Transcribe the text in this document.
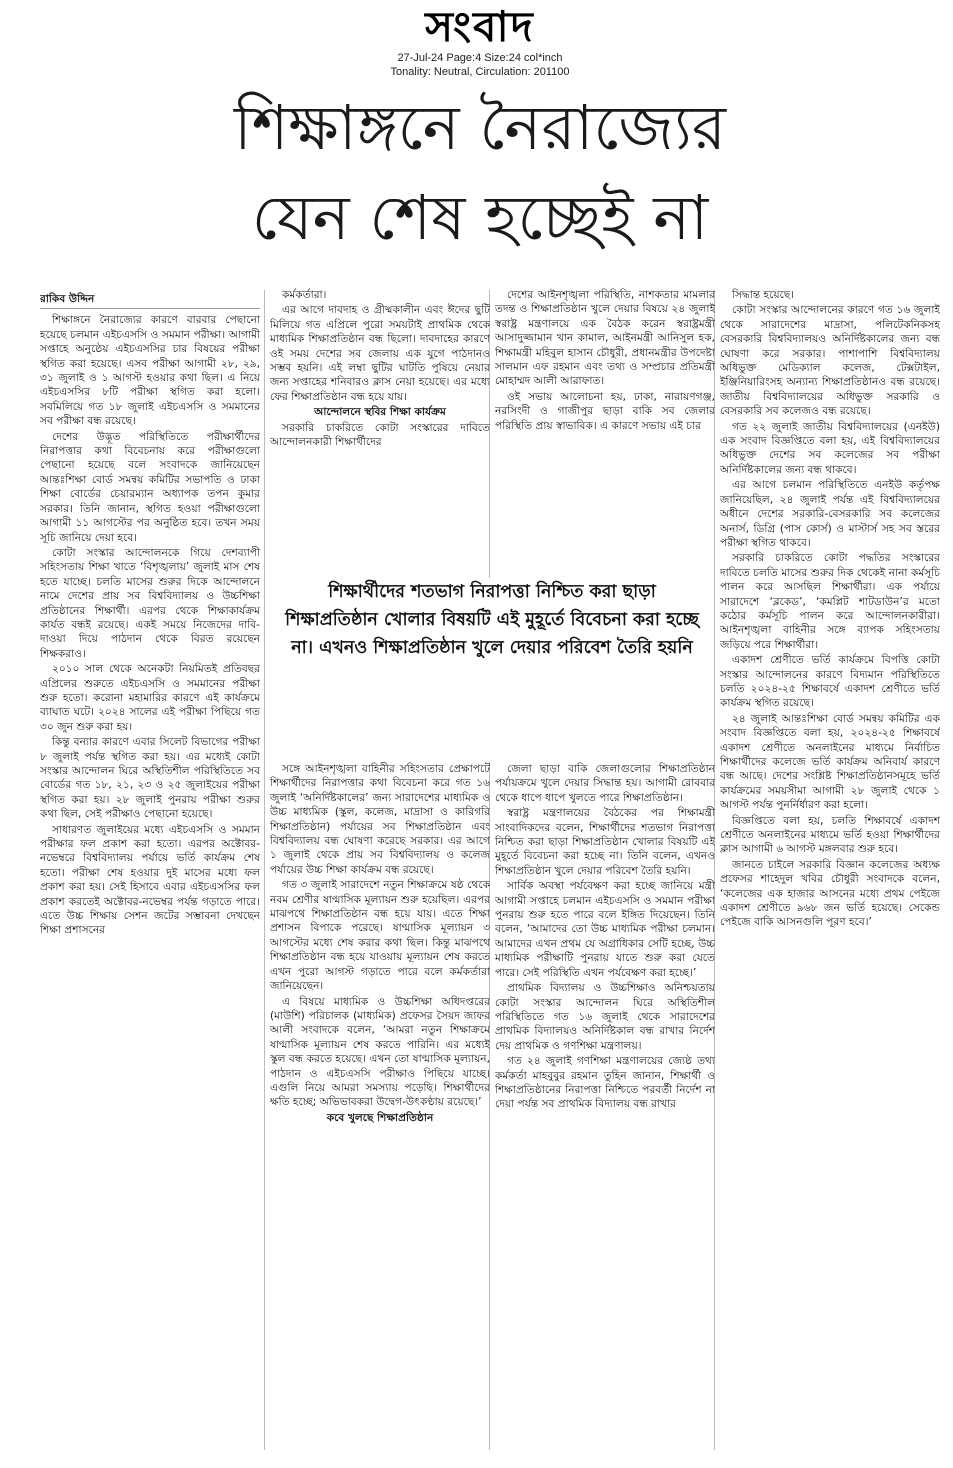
সংবাদ
27-Jul-24 Page:4 Size:24 col*inch
Tonality: Neutral, Circulation: 201100
শিক্ষাঙ্গনে নৈরাজ্যের
যেন শেষ হচ্ছেই না

রাকিব উদ্দিন

শিক্ষাঙ্গনে নৈরাজ্যের কারণে বারবার পেছানো হয়েছে চলমান এইচএসসি ও সমমান পরীক্ষা। আগামী সপ্তাহে অনুষ্ঠেয় এইচএসসির চার বিষয়ের পরীক্ষা স্থগিত করা হয়েছে। এসব পরীক্ষা আগামী ২৮, ২৯, ৩১ জুলাই ও ১ আগস্ট হওয়ার কথা ছিল। এ নিয়ে এইচএসসির ৮টি পরীক্ষা স্থগিত করা হলো। সবমিলিয়ে গত ১৮ জুলাই এইচএসসি ও সমমানের সব পরীক্ষা বন্ধ রয়েছে।

দেশের উদ্ভূত পরিস্থিতিতে পরীক্ষার্থীদের নিরাপত্তার কথা বিবেচনায় করে পরীক্ষাগুলো পেছানো হয়েছে বলে সংবাদকে জানিয়েছেন আন্তঃশিক্ষা বোর্ড সমন্বয় কমিটির সভাপতি ও ঢাকা শিক্ষা বোর্ডের চেয়ারম্যান অধ্যাপক তপন কুমার সরকার। তিনি জানান, স্থগিত হওয়া পরীক্ষাগুলো আগামী ১১ আগস্টের পর অনুষ্ঠিত হবে। তখন সময় সূচি জানিয়ে দেয়া হবে।

কোটা সংস্কার আন্দোলনকে গিয়ে দেশব্যাপী সহিংসতায় শিক্ষা খাতে ‘বিশৃঙ্খলায়’ জুলাই মাস শেষ হতে যাচ্ছে। চলতি মাসের শুরুর দিকে আন্দোলনে নামে দেশের প্রায় সব বিশ্ববিদ্যালয় ও উচ্চশিক্ষা প্রতিষ্ঠানের শিক্ষার্থী। এরপর থেকে শিক্ষাকার্যক্রম কার্যত বন্ধই রয়েছে। একই সময়ে নিজেদের দাবি-দাওয়া দিয়ে পাঠদান থেকে বিরত রয়েছেন শিক্ষকরাও।

২০১০ সাল থেকে অনেকটা নিয়মিতই প্রতিবছর এপ্রিলের শুরুতে এইচএসসি ও সমমানের পরীক্ষা শুরু হতো। করোনা মহামারির কারণে এই কার্যক্রমে ব্যাঘাত ঘটে। ২০২৪ সালের এই পরীক্ষা পিছিয়ে গত ৩০ জুন শুরু করা হয়।

কিন্তু বন্যার কারণে এবার সিলেট বিভাগের পরীক্ষা ৮ জুলাই পর্যন্ত স্থগিত করা হয়। এর মধ্যেই কোটা সংস্কার আন্দোলন ঘিরে অস্থিতিশীল পরিস্থিতিতে সব বোর্ডের গত ১৮, ২১, ২৩ ও ২৫ জুলাইয়ের পরীক্ষা স্থগিত করা হয়। ২৮ জুলাই পুনরায় পরীক্ষা শুরুর কথা ছিল, সেই পরীক্ষাও পেছানো হয়েছে।

সাধারণত জুলাইয়ের মধ্যে এইচএসসি ও সমমান পরীক্ষার ফল প্রকাশ করা হতো। এরপর অক্টোবর-নভেম্বরে বিশ্ববিদ্যালয় পর্যায়ে ভর্তি কার্যক্রম শেষ হতো। পরীক্ষা শেষ হওয়ার দুই মাসের মধ্যে ফল প্রকাশ করা হয়। সেই হিসাবে এবার এইচএসসির ফল প্রকাশ করতেই অক্টোবর-নভেম্বর পর্যন্ত গড়াতে পারে। এতে উচ্চ শিক্ষায় সেশন জটের সম্ভাবনা দেখছেন শিক্ষা প্রশাসনের

কর্মকর্তারা।

এর আগে দাবদাহ ও গ্রীষ্মকালীন এবং ঈদের ছুটি মিলিয়ে গত এপ্রিলে পুরো সময়টাই প্রাথমিক থেকে মাধ্যমিক শিক্ষাপ্রতিষ্ঠান বন্ধ ছিলো। দাবদাহের কারণে ওই সময় দেশের সব জেলায় এক যুগে পাঠদানও সম্ভব হয়নি। এই লম্বা ছুটির ঘাটতি পুষিয়ে নেয়ার জন্য সপ্তাহের শনিবারও ক্লাস নেয়া হয়েছে। এর মধ্যে ফের শিক্ষাপ্রতিষ্ঠান বন্ধ হয়ে যায়।

আন্দোলনে স্থবির শিক্ষা কার্যক্রম

সরকারি চাকরিতে কোটা সংস্কারের দাবিতে আন্দোলনকারী শিক্ষার্থীদের

দেশের আইনশৃঙ্খলা পরিস্থিতি, নাশকতার মামলার তদন্ত ও শিক্ষাপ্রতিষ্ঠান খুলে দেয়ার বিষয়ে ২৪ জুলাই স্বরাষ্ট্র মন্ত্রণালয়ে এক বৈঠক করেন স্বরাষ্ট্রমন্ত্রী আসাদুজ্জামান খান কামাল, আইনমন্ত্রী আনিসুল হক, শিক্ষামন্ত্রী মহিবুল হাসান চৌধুরী, প্রধানমন্ত্রীর উপদেষ্টা সালমান এফ রহমান এবং তথ্য ও সম্প্রচার প্রতিমন্ত্রী মোহাম্মদ আলী আরাফাত।

ওই সভায় আলোচনা হয়, ঢাকা, নারায়ণগঞ্জ, নরসিংদী ও গাজীপুর ছাড়া বাকি সব জেলার পরিস্থিতি প্রায় স্বাভাবিক। এ কারণে সভায় এই চার

শিক্ষার্থীদের শতভাগ নিরাপত্তা নিশ্চিত করা ছাড়া শিক্ষাপ্রতিষ্ঠান খোলার বিষয়টি এই মুহূর্তে বিবেচনা করা হচ্ছে না। এখনও শিক্ষাপ্রতিষ্ঠান খুলে দেয়ার পরিবেশ তৈরি হয়নি

সঙ্গে আইনশৃঙ্খলা বাহিনীর সহিংসতার প্রেক্ষাপটে শিক্ষার্থীদের নিরাপত্তার কথা বিবেচনা করে গত ১৬ জুলাই ‘অনির্দিষ্টকালের’ জন্য সারাদেশের মাধ্যমিক ও উচ্চ মাধ্যমিক (স্কুল, কলেজ, মাদ্রাসা ও কারিগরি শিক্ষাপ্রতিষ্ঠান) পর্যায়ের সব শিক্ষাপ্রতিষ্ঠান এবং বিশ্ববিদ্যালয় বন্ধ ঘোষণা করেছে সরকার। এর আগে ১ জুলাই থেকে প্রায় সব বিশ্ববিদ্যালয় ও কলেজ পর্যায়ের উচ্চ শিক্ষা কার্যক্রম বন্ধ রয়েছে।

গত ৩ জুলাই সারাদেশে নতুন শিক্ষাক্রমে ষষ্ঠ থেকে নবম শ্রেণীর ষাণ্মাসিক মূল্যায়ন শুরু হয়েছিল। এরপর মাঝপথে শিক্ষাপ্রতিষ্ঠান বন্ধ হয়ে যায়। এতে শিক্ষা প্রশাসন বিপাকে পরেছে। ষাণ্মাসিক মূল্যায়ন ৩ আগস্টের মধ্যে শেষ করার কথা ছিল। কিন্তু মাঝপথে শিক্ষাপ্রতিষ্ঠান বন্ধ হয়ে যাওয়ায় মূল্যায়ন শেষ করতে এখন পুরো আগস্ট গড়াতে পারে বলে কর্মকর্তারা জানিয়েছেন।

এ বিষয়ে মাধ্যমিক ও উচ্চশিক্ষা অধিদপ্তরের (মাউশি) পরিচালক (মাধ্যমিক) প্রফেসর সৈয়দ জাফর আলী সংবাদকে বলেন, ‘আমরা নতুন শিক্ষাক্রমে ষাণ্মাসিক মূল্যায়ন শেষ করতে পারিনি। এর মধ্যেই স্কুল বন্ধ করতে হয়েছে। এখন তো ষাণ্মাসিক মূল্যায়ন, পাঠদান ও এইচএসসি পরীক্ষাও পিছিয়ে যাচ্ছে। এগুলি নিয়ে আমরা সমস্যায় পড়েছি। শিক্ষার্থীদের ক্ষতি হচ্ছে; অভিভাবকরা উদ্বেগ-উৎকণ্ঠায় রয়েছে।’

কবে খুলছে শিক্ষাপ্রতিষ্ঠান

জেলা ছাড়া বাকি জেলাগুলোর শিক্ষাপ্রতিষ্ঠান পর্যায়ক্রমে খুলে দেয়ার সিদ্ধান্ত হয়। আগামী রোববার থেকে ধাপে ধাপে খুলতে পারে শিক্ষাপ্রতিষ্ঠান।

স্বরাষ্ট্র মন্ত্রণালয়ের বৈঠকের পর শিক্ষামন্ত্রী সাংবাদিকদের বলেন, শিক্ষার্থীদের শতভাগ নিরাপত্তা নিশ্চিত করা ছাড়া শিক্ষাপ্রতিষ্ঠান খোলার বিষয়টি এই মুহূর্তে বিবেচনা করা হচ্ছে না। তিনি বলেন, এখনও শিক্ষাপ্রতিষ্ঠান খুলে দেয়ার পরিবেশ তৈরি হয়নি।

সার্বিক অবস্থা পর্যবেক্ষণ করা হচ্ছে জানিয়ে মন্ত্রী আগামী সপ্তাহে চলমান এইচএসসি ও সমমান পরীক্ষা পুনরায় শুরু হতে পারে বলে ইঙ্গিত দিয়েছেন। তিনি বলেন, ‘আমাদের তো উচ্চ মাধ্যমিক পরীক্ষা চলমান। আমাদের এখন প্রথম যে অগ্রাধিকার সেটি হচ্ছে, উচ্চ মাধ্যমিক পরীক্ষাটি পুনরায় যাতে শুরু করা যেতে পারে। সেই পরিস্থিতি এখন পর্যবেক্ষণ করা হচ্ছে।’

প্রাথমিক বিদ্যালয় ও উচ্চশিক্ষাও অনিশ্চয়তায় কোটা সংস্কার আন্দোলন ঘিরে অস্থিতিশীল পরিস্থিতিতে গত ১৬ জুলাই থেকে সারাদেশের প্রাথমিক বিদ্যালয়ও অনির্দিষ্টকাল বন্ধ রাখার নির্দেশ দেয় প্রাথমিক ও গণশিক্ষা মন্ত্রণালয়।

গত ২৪ জুলাই গণশিক্ষা মন্ত্রণালয়ের জ্যেষ্ঠ তথ্য কর্মকর্তা মাহবুবুর রহমান তুহিন জানান, শিক্ষার্থী ও শিক্ষাপ্রতিষ্ঠানের নিরাপত্তা নিশ্চিতে পরবর্তী নির্দেশ না দেয়া পর্যন্ত সব প্রাথমিক বিদ্যালয় বন্ধ রাখার

সিদ্ধান্ত হয়েছে।

কোটা সংস্কার আন্দোলনের কারণে গত ১৬ জুলাই থেকে সারাদেশের মাদ্রাসা, পলিটেকনিকসহ বেসরকারি বিশ্ববিদ্যালয়ও অনির্দিষ্টকালের জন্য বন্ধ ঘোষণা করে সরকার। পাশাপাশি বিশ্ববিদ্যালয় অধিভুক্ত মেডিক্যাল কলেজ, টেক্সটাইল, ইঞ্জিনিয়ারিংসহ অন্যান্য শিক্ষাপ্রতিষ্ঠানও বন্ধ রয়েছে। জাতীয় বিশ্ববিদ্যালয়ের অধিভুক্ত সরকারি ও বেসরকারি সব কলেজও বন্ধ রয়েছে।

গত ২২ জুলাই জাতীয় বিশ্ববিদ্যালয়ের (এনইউ) এক সংবাদ বিজ্ঞপ্তিতে বলা হয়, এই বিশ্ববিদ্যালয়ের অধিভুক্ত দেশের সব কলেজের সব পরীক্ষা অনির্দিষ্টকালের জন্য বন্ধ থাকবে।

এর আগে চলমান পরিস্থিতিতে এনইউ কর্তৃপক্ষ জানিয়েছিল, ২৪ জুলাই পর্যন্ত এই বিশ্ববিদ্যালয়ের অধীনে দেশের সরকারি-বেসরকারি সব কলেজের অনার্স, ডিগ্রি (পাস কোর্স) ও মাস্টার্স সহ সব স্তরের পরীক্ষা স্থগিত থাকবে।

সরকারি চাকরিতে কোটা পদ্ধতির সংস্কারের দাবিতে চলতি মাসের শুরুর দিক থেকেই নানা কর্মসূচি পালন করে আসছিল শিক্ষার্থীরা। এক পর্যায়ে সারাদেশে ‘ব্লকেড’, ‘কমপ্লিট শাটডাউন’র মতো কঠোর কর্মসূচি পালন করে আন্দোলনকারীরা। আইনশৃঙ্খলা বাহিনীর সঙ্গে ব্যাপক সহিংসতায় জড়িয়ে পরে শিক্ষার্থীরা।

একাদশ শ্রেণীতে ভর্তি কার্যক্রমে বিপত্তি কোটা সংস্কার আন্দোলনের কারণে বিদ্যমান পরিস্থিতিতে চলতি ২০২৪-২৫ শিক্ষাবর্ষে একাদশ শ্রেণীতে ভর্তি কার্যক্রম স্থগিত রয়েছে।

২৪ জুলাই আন্তঃশিক্ষা বোর্ড সমন্বয় কমিটির এক সংবাদ বিজ্ঞপ্তিতে বলা হয়, ২০২৪-২৫ শিক্ষাবর্ষে একাদশ শ্রেণীতে অনলাইনের মাধ্যমে নির্বাচিত শিক্ষার্থীদের কলেজে ভর্তি কার্যক্রম অনিবার্য কারণে বন্ধ আছে। দেশের সংশ্লিষ্ট শিক্ষাপ্রতিষ্ঠানসমূহে ভর্তি কার্যক্রমের সময়সীমা আগামী ২৮ জুলাই থেকে ১ আগস্ট পর্যন্ত পুনর্নির্ধারণ করা হলো।

বিজ্ঞপ্তিতে বলা হয়, চলতি শিক্ষাবর্ষে একাদশ শ্রেণীতে অনলাইনের মাধ্যমে ভর্তি হওয়া শিক্ষার্থীদের ক্লাস আগামী ৬ আগস্ট মঙ্গলবার শুরু হবে।

জানতে চাইলে সরকারি বিজ্ঞান কলেজের অধ্যক্ষ প্রফেসর শাহেদুল খবির চৌধুরী সংবাদকে বলেন, ‘কলেজের এক হাজার আসনের মধ্যে প্রথম পেইজে একাদশ শ্রেণীতে ৯৬৮ জন ভর্তি হয়েছে। সেকেন্ড পেইজে বাকি আসনগুলি পূরণ হবে।’
